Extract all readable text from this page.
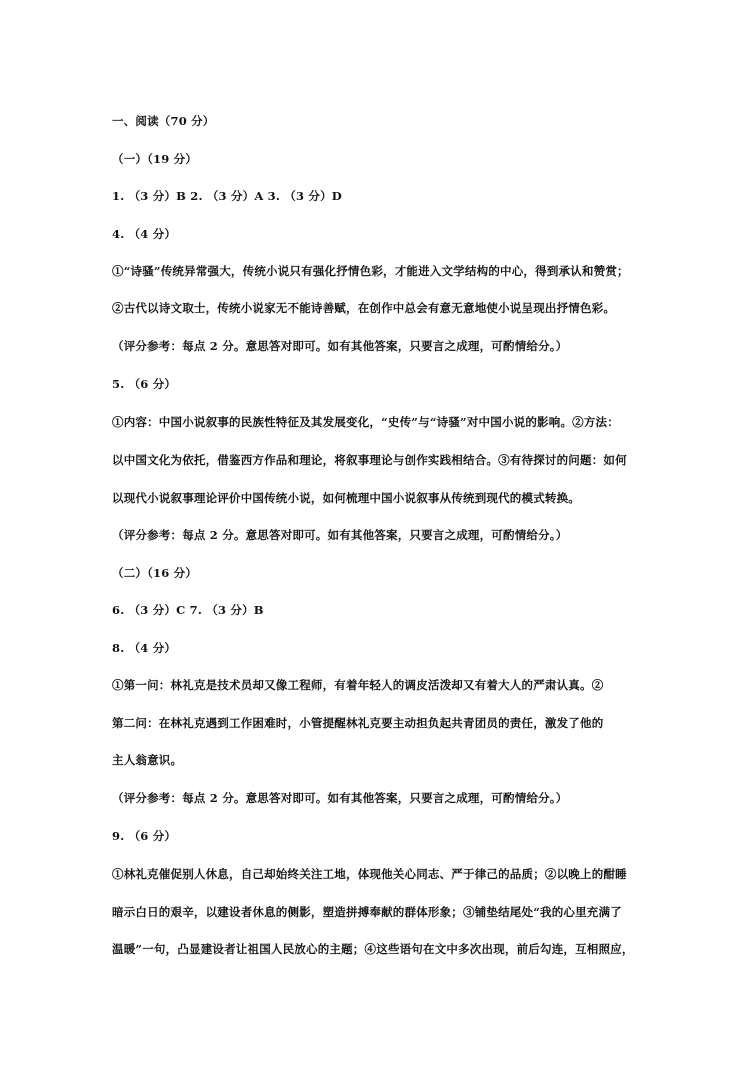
一、阅读（70 分）
（一）（19 分）
1. （3 分）B 2. （3 分）A 3. （3 分）D
4. （4 分）
①“诗骚”传统异常强大，传统小说只有强化抒情色彩，才能进入文学结构的中心，得到承认和赞赏；
②古代以诗文取士，传统小说家无不能诗善赋，在创作中总会有意无意地使小说呈现出抒情色彩。
（评分参考：每点 2 分。意思答对即可。如有其他答案，只要言之成理，可酌情给分。）
5. （6 分）
①内容：中国小说叙事的民族性特征及其发展变化，“史传”与“诗骚”对中国小说的影响。②方法：
以中国文化为依托，借鉴西方作品和理论，将叙事理论与创作实践相结合。③有待探讨的问题：如何
以现代小说叙事理论评价中国传统小说，如何梳理中国小说叙事从传统到现代的模式转换。
（评分参考：每点 2 分。意思答对即可。如有其他答案，只要言之成理，可酌情给分。）
（二）（16 分）
6. （3 分）C 7. （3 分）B
8. （4 分）
①第一问：林礼克是技术员却又像工程师，有着年轻人的调皮活泼却又有着大人的严肃认真。②
第二问：在林礼克遇到工作困难时，小管提醒林礼克要主动担负起共青团员的责任，激发了他的
主人翁意识。
（评分参考：每点 2 分。意思答对即可。如有其他答案，只要言之成理，可酌情给分。）
9. （6 分）
①林礼克催促别人休息，自己却始终关注工地，体现他关心同志、严于律己的品质；②以晚上的酣睡
暗示白日的艰辛，以建设者休息的侧影，塑造拼搏奉献的群体形象；③铺垫结尾处“我的心里充满了
温暖”一句，凸显建设者让祖国人民放心的主题；④这些语句在文中多次出现，前后勾连，互相照应，
